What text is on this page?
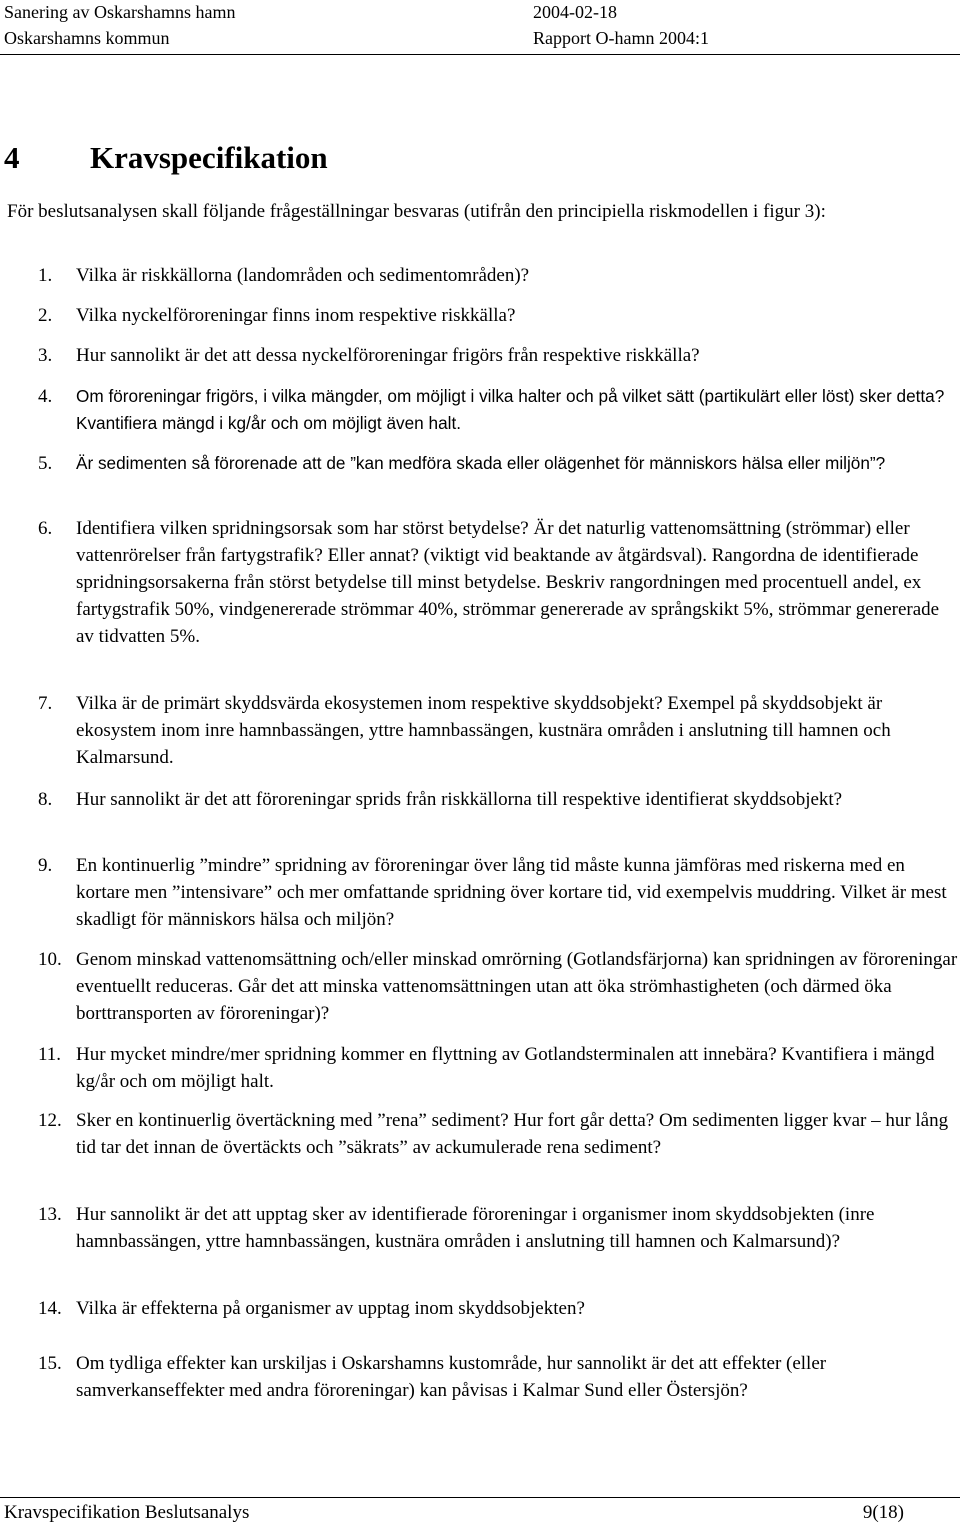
Sanering av Oskarshamns hamn	2004-02-18
Oskarshamns kommun	Rapport O-hamn 2004:1
4 Kravspecifikation
För beslutsanalysen skall följande frågeställningar besvaras (utifrån den principiella riskmodellen i figur 3):
1. Vilka är riskkällorna (landområden och sedimentområden)?
2. Vilka nyckelföroreningar finns inom respektive riskkälla?
3. Hur sannolikt är det att dessa nyckelföroreningar frigörs från respektive riskkälla?
4. Om föroreningar frigörs, i vilka mängder, om möjligt i vilka halter och på vilket sätt (partikulärt eller löst) sker detta? Kvantifiera mängd i kg/år och om möjligt även halt.
5. Är sedimenten så förorenade att de ”kan medföra skada eller olägenhet för människors hälsa eller miljön”?
6. Identifiera vilken spridningsorsak som har störst betydelse? Är det naturlig vattenomsättning (strömmar) eller vattenrörelser från fartygstrafik? Eller annat? (viktigt vid beaktande av åtgärdsval). Rangordna de identifierade spridningsorsakerna från störst betydelse till minst betydelse. Beskriv rangordningen med procentuell andel, ex fartygstrafik 50%, vindgenererade strömmar 40%, strömmar genererade av språngskikt 5%, strömmar genererade av tidvatten 5%.
7. Vilka är de primärt skyddsvärda ekosystemen inom respektive skyddsobjekt? Exempel på skyddsobjekt är ekosystem inom inre hamnbassängen, yttre hamnbassängen, kustnära områden i anslutning till hamnen och Kalmarsund.
8. Hur sannolikt är det att föroreningar sprids från riskkällorna till respektive identifierat skyddsobjekt?
9. En kontinuerlig ”mindre” spridning av föroreningar över lång tid måste kunna jämföras med riskerna med en kortare men ”intensivare” och mer omfattande spridning över kortare tid, vid exempelvis muddring. Vilket är mest skadligt för människors hälsa och miljön?
10. Genom minskad vattenomsättning och/eller minskad omrörning (Gotlandsfärjorna) kan spridningen av föroreningar eventuellt reduceras. Går det att minska vattenomsättningen utan att öka strömhastigheten (och därmed öka borttransporten av föroreningar)?
11. Hur mycket mindre/mer spridning kommer en flyttning av Gotlandsterminalen att innebära? Kvantifiera i mängd kg/år och om möjligt halt.
12. Sker en kontinuerlig övertäckning med ”rena” sediment? Hur fort går detta? Om sedimenten ligger kvar – hur lång tid tar det innan de övertäckts och ”säkrats” av ackumulerade rena sediment?
13. Hur sannolikt är det att upptag sker av identifierade föroreningar i organismer inom skyddsobjekten (inre hamnbassängen, yttre hamnbassängen, kustnära områden i anslutning till hamnen och Kalmarsund)?
14. Vilka är effekterna på organismer av upptag inom skyddsobjekten?
15. Om tydliga effekter kan urskiljas i Oskarshamns kustområde, hur sannolikt är det att effekter (eller samverkanseffekter med andra föroreningar) kan påvisas i Kalmar Sund eller Östersjön?
Kravspecifikation Beslutsanalys	9(18)
